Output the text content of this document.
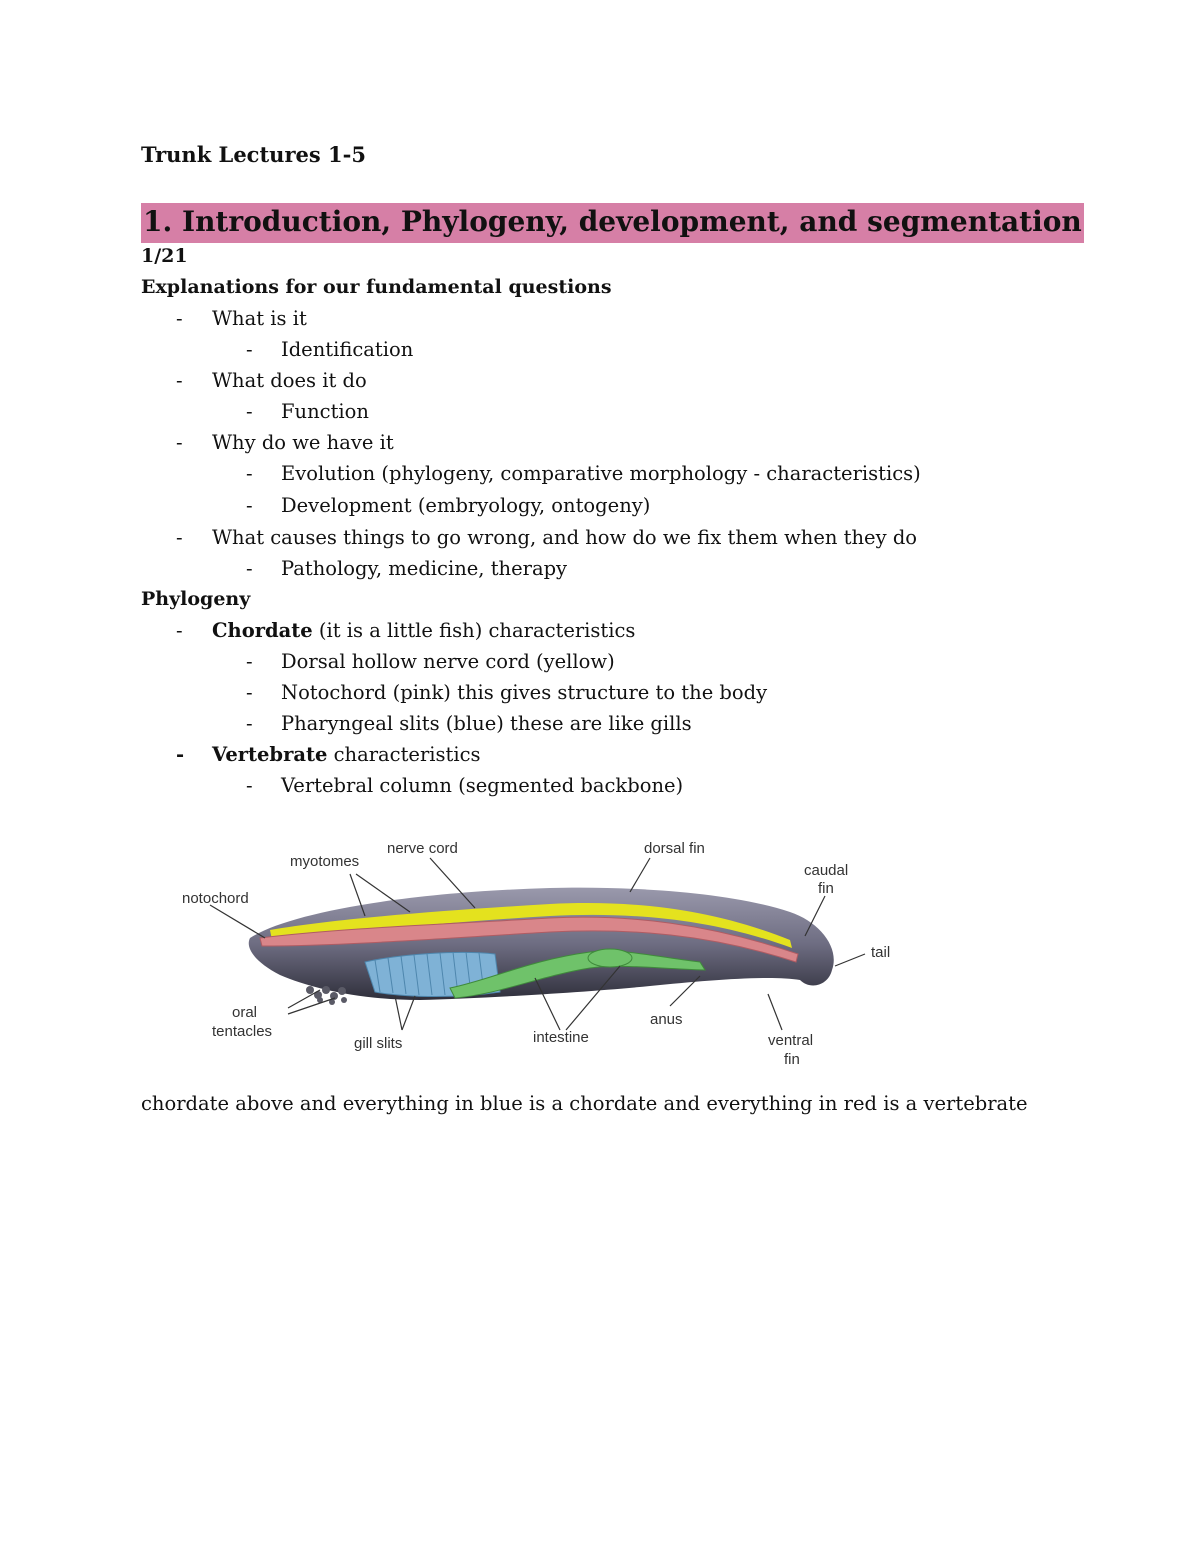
Trunk Lectures 1-5
1. Introduction, Phylogeny, development, and segmentation
1/21
Explanations for our fundamental questions
- What is it
- Identification
- What does it do
- Function
- Why do we have it
- Evolution (phylogeny, comparative morphology - characteristics)
- Development (embryology, ontogeny)
- What causes things to go wrong, and how do we fix them when they do
- Pathology, medicine, therapy
Phylogeny
- Chordate (it is a little fish) characteristics
- Dorsal hollow nerve cord (yellow)
- Notochord (pink) this gives structure to the body
- Pharyngeal slits (blue) these are like gills
- Vertebrate characteristics
- Vertebral column (segmented backbone)
myotomes
nerve cord	dorsal fin
caudal
fin
notochord
tail
oral
tentacles
gill slits	intestine
anus
ventral
fin
chordate above and everything in blue is a chordate and everything in red is a vertebrate
